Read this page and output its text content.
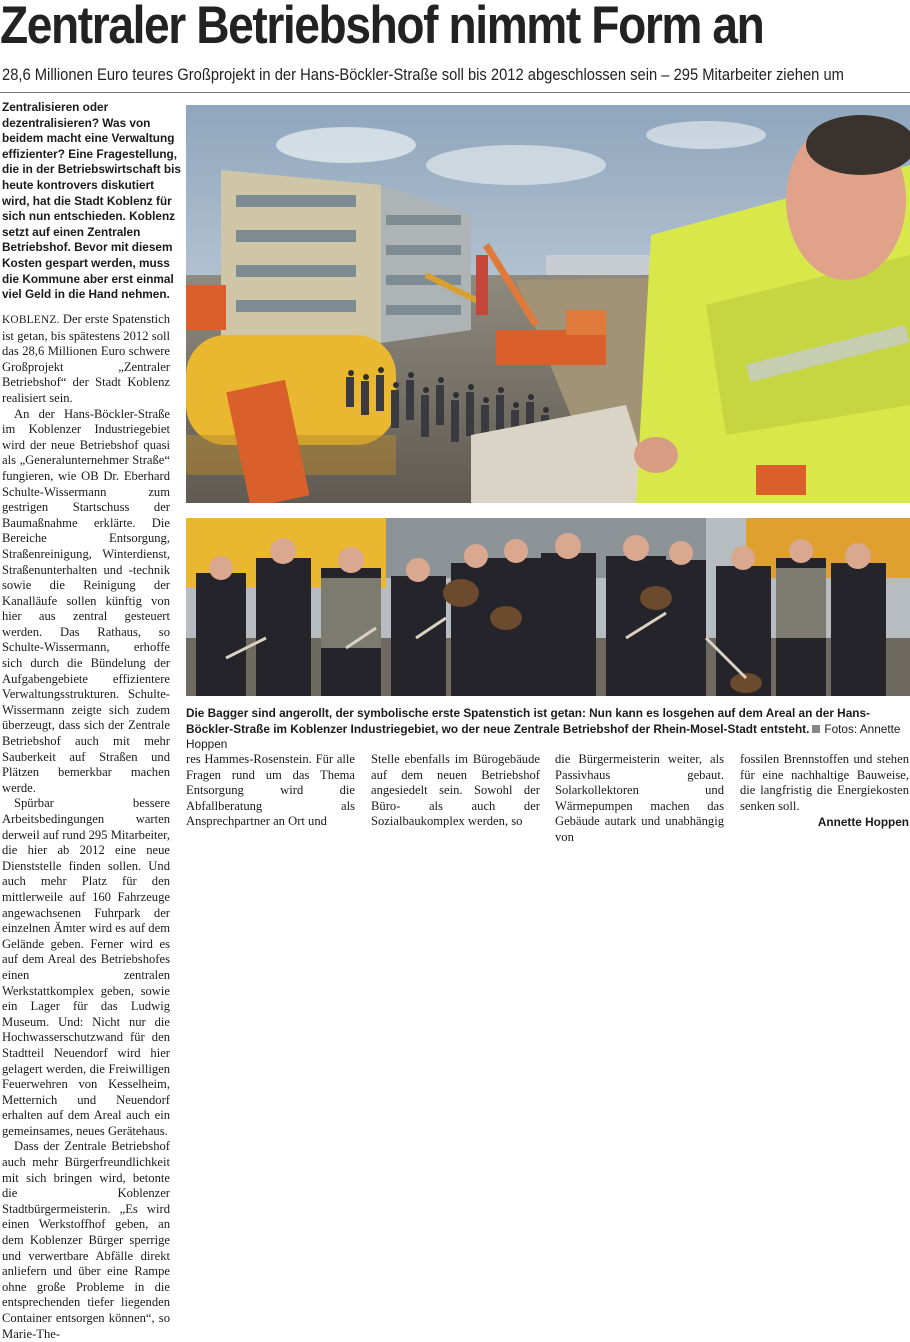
Zentraler Betriebshof nimmt Form an
28,6 Millionen Euro teures Großprojekt in der Hans-Böckler-Straße soll bis 2012 abgeschlossen sein – 295 Mitarbeiter ziehen um

Zentralisieren oder dezentralisieren? Was von beidem macht eine Verwaltung effizienter? Eine Fragestellung, die in der Betriebswirtschaft bis heute kontrovers diskutiert wird, hat die Stadt Koblenz für sich nun entschieden. Koblenz setzt auf einen Zentralen Betriebshof. Bevor mit diesem Kosten gespart werden, muss die Kommune aber erst einmal viel Geld in die Hand nehmen.

KOBLENZ. Der erste Spatenstich ist getan, bis spätestens 2012 soll das 28,6 Millionen Euro schwere Großprojekt „Zentraler Betriebshof“ der Stadt Koblenz realisiert sein.

An der Hans-Böckler-Straße im Koblenzer Industriegebiet wird der neue Betriebshof quasi als „Generalunternehmer Straße“ fungieren, wie OB Dr. Eberhard Schulte-Wissermann zum gestrigen Startschuss der Baumaßnahme erklärte. Die Bereiche Entsorgung, Straßenreinigung, Winterdienst, Straßenunterhalten und -technik sowie die Reinigung der Kanalläufe sollen künftig von hier aus zentral gesteuert werden. Das Rathaus, so Schulte-Wissermann, erhoffe sich durch die Bündelung der Aufgabengebiete effizientere Verwaltungsstrukturen. Schulte-Wissermann zeigte sich zudem überzeugt, dass sich der Zentrale Betriebshof auch mit mehr Sauberkeit auf Straßen und Plätzen bemerkbar machen werde.

Spürbar bessere Arbeitsbedingungen warten derweil auf rund 295 Mitarbeiter, die hier ab 2012 eine neue Dienststelle finden sollen. Und auch mehr Platz für den mittlerweile auf 160 Fahrzeuge angewachsenen Fuhrpark der einzelnen Ämter wird es auf dem Gelände geben. Ferner wird es auf dem Areal des Betriebshofes einen zentralen Werkstattkomplex geben, sowie ein Lager für das Ludwig Museum. Und: Nicht nur die Hochwasserschutzwand für den Stadtteil Neuendorf wird hier gelagert werden, die Freiwilligen Feuerwehren von Kesselheim, Metternich und Neuendorf erhalten auf dem Areal auch ein gemeinsames, neues Gerätehaus.

Dass der Zentrale Betriebshof auch mehr Bürgerfreundlichkeit mit sich bringen wird, betonte die Koblenzer Stadtbürgermeisterin. „Es wird einen Werkstoffhof geben, an dem Koblenzer Bürger sperrige und verwertbare Abfälle direkt anliefern und über eine Rampe ohne große Probleme in die entsprechenden tiefer liegenden Container entsorgen können“, so Marie-The-

Die Bagger sind angerollt, der symbolische erste Spatenstich ist getan: Nun kann es losgehen auf dem Areal an der Hans-Böckler-Straße im Koblenzer Industriegebiet, wo der neue Zentrale Betriebshof der Rhein-Mosel-Stadt entsteht. Fotos: Annette Hoppen

res Hammes-Rosenstein. Für alle Fragen rund um das Thema Entsorgung wird die Abfallberatung als Ansprechpartner an Ort und

Stelle ebenfalls im Bürogebäude auf dem neuen Betriebshof angesiedelt sein. Sowohl der Büro- als auch der Sozialbaukomplex werden, so

die Bürgermeisterin weiter, als Passivhaus gebaut. Solarkollektoren und Wärmepumpen machen das Gebäude autark und unabhängig von

fossilen Brennstoffen und stehen für eine nachhaltige Bauweise, die langfristig die Energiekosten senken soll.

Annette Hoppen
